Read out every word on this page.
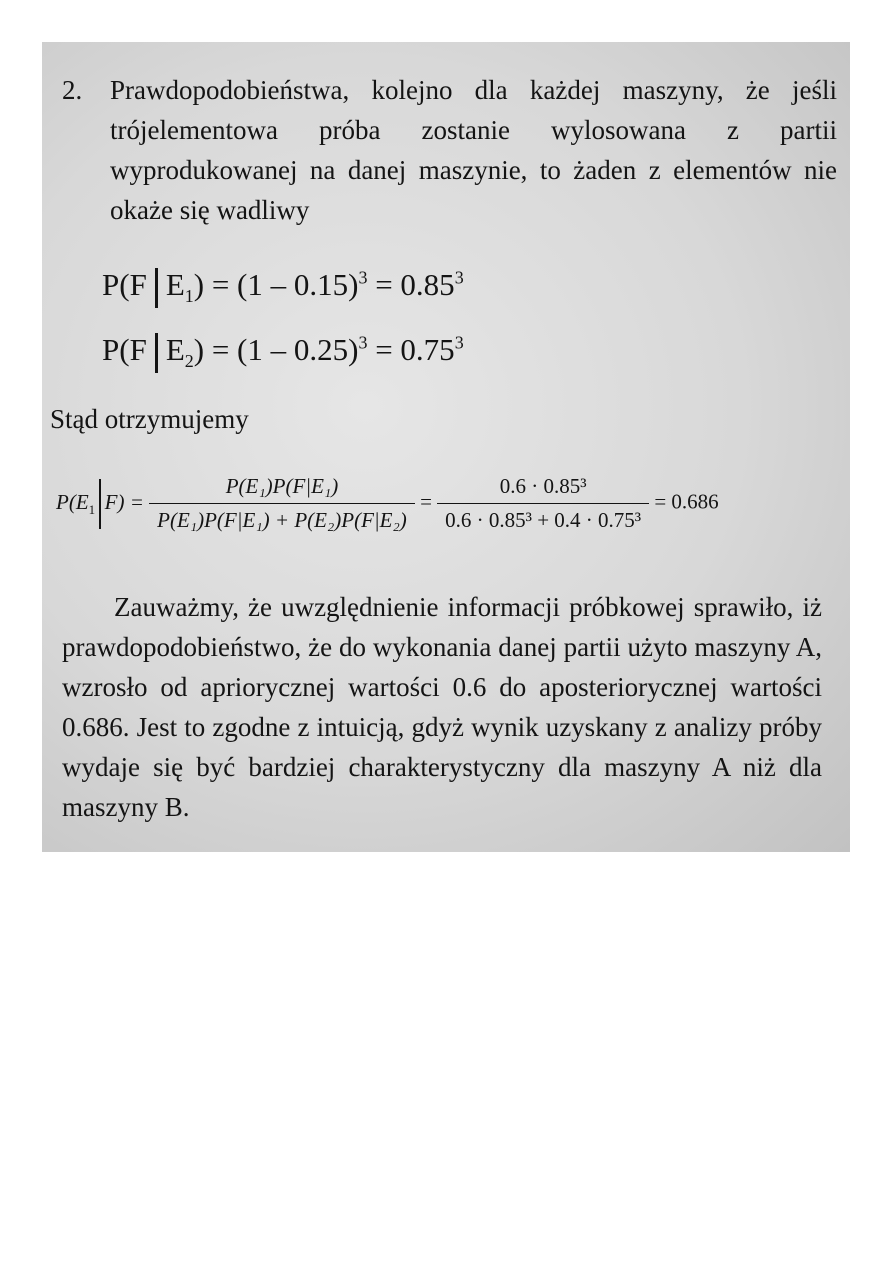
2. Prawdopodobieństwa, kolejno dla każdej maszyny, że jeśli trójelementowa próba zostanie wylosowana z partii wyprodukowanej na danej maszynie, to żaden z elementów nie okaże się wadliwy
P(F $E_1) = (1 - 0.15)^3 = 0.85^3$
P(F $E_2) = (1 - 0.25)^3 = 0.75^3$
Stąd otrzymujemy
$P(E_1$ $F) = \frac{\text{P(E₁)P(F|E₁)}}{\text{P(E₁)P(F|E₁) + P(E₂)P(F|E₂)}} = \frac{\text{0.6 · 0.85³}}{\text{0.6 · 0.85³ + 0.4 · 0.75³}} = 0.686$
Zauważmy, że uwzględnienie informacji próbkowej sprawiło, iż prawdopodobieństwo, że do wykonania danej partii użyto maszyny A, wzrosło od apriorycznej wartości 0.6 do aposteriorycznej wartości 0.686. Jest to zgodne z intuicją, gdyż wynik uzyskany z analizy próby wydaje się być bardziej charakterystyczny dla maszyny A niż dla maszyny B.
